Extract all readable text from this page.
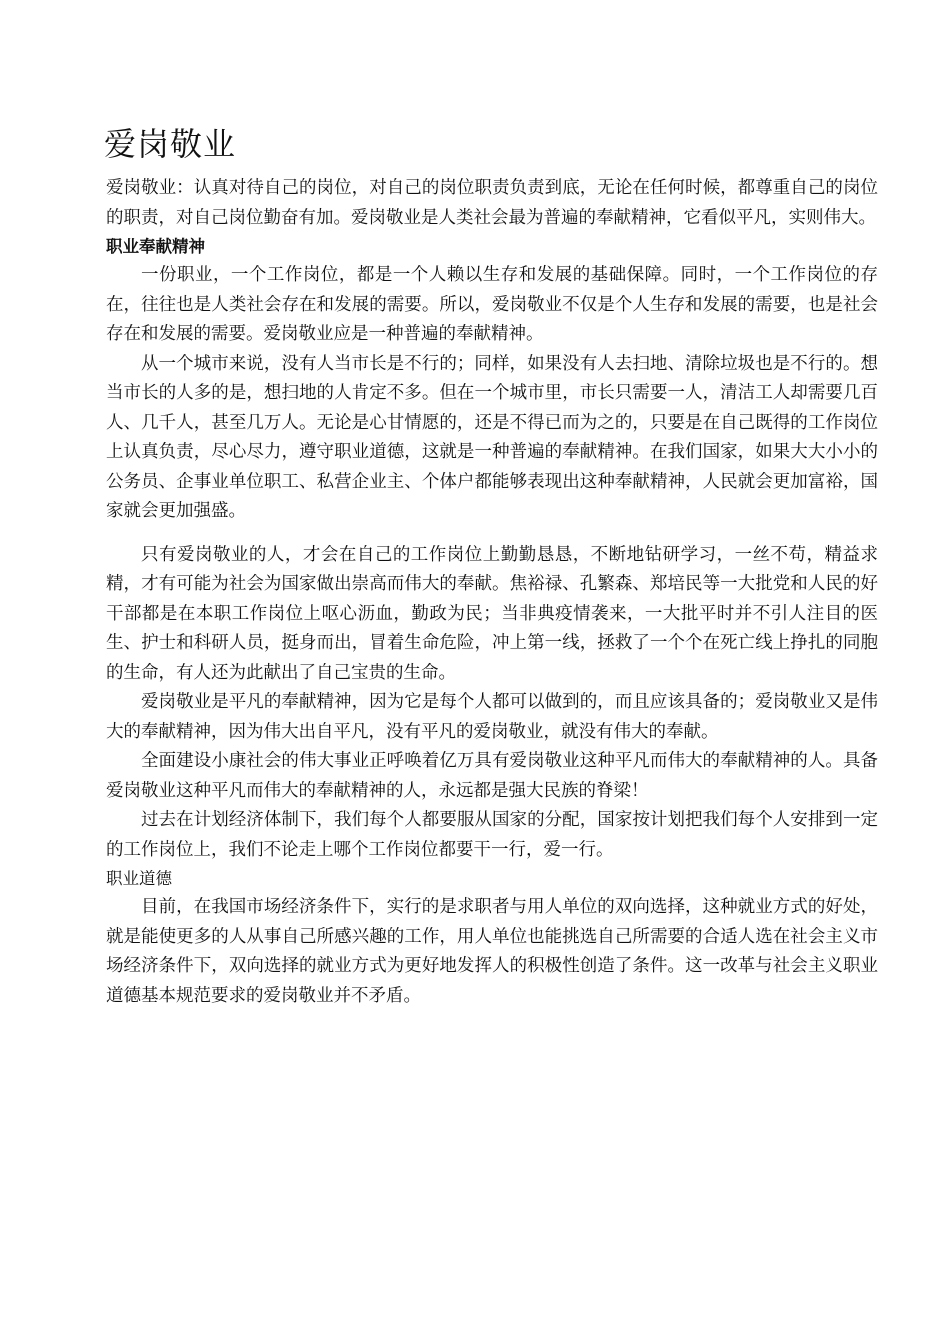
爱岗敬业

爱岗敬业：认真对待自己的岗位，对自己的岗位职责负责到底，无论在任何时候，都尊重自己的岗位的职责，对自己岗位勤奋有加。爱岗敬业是人类社会最为普遍的奉献精神，它看似平凡，实则伟大。

职业奉献精神

一份职业，一个工作岗位，都是一个人赖以生存和发展的基础保障。同时，一个工作岗位的存在，往往也是人类社会存在和发展的需要。所以，爱岗敬业不仅是个人生存和发展的需要，也是社会存在和发展的需要。爱岗敬业应是一种普遍的奉献精神。

从一个城市来说，没有人当市长是不行的；同样，如果没有人去扫地、清除垃圾也是不行的。想当市长的人多的是，想扫地的人肯定不多。但在一个城市里，市长只需要一人，清洁工人却需要几百人、几千人，甚至几万人。无论是心甘情愿的，还是不得已而为之的，只要是在自己既得的工作岗位上认真负责，尽心尽力，遵守职业道德，这就是一种普遍的奉献精神。在我们国家，如果大大小小的公务员、企事业单位职工、私营企业主、个体户都能够表现出这种奉献精神，人民就会更加富裕，国家就会更加强盛。

只有爱岗敬业的人，才会在自己的工作岗位上勤勤恳恳，不断地钻研学习，一丝不苟，精益求精，才有可能为社会为国家做出崇高而伟大的奉献。焦裕禄、孔繁森、郑培民等一大批党和人民的好干部都是在本职工作岗位上呕心沥血，勤政为民；当非典疫情袭来，一大批平时并不引人注目的医生、护士和科研人员，挺身而出，冒着生命危险，冲上第一线，拯救了一个个在死亡线上挣扎的同胞的生命，有人还为此献出了自己宝贵的生命。

爱岗敬业是平凡的奉献精神，因为它是每个人都可以做到的，而且应该具备的；爱岗敬业又是伟大的奉献精神，因为伟大出自平凡，没有平凡的爱岗敬业，就没有伟大的奉献。

全面建设小康社会的伟大事业正呼唤着亿万具有爱岗敬业这种平凡而伟大的奉献精神的人。具备爱岗敬业这种平凡而伟大的奉献精神的人，永远都是强大民族的脊梁！

过去在计划经济体制下，我们每个人都要服从国家的分配，国家按计划把我们每个人安排到一定的工作岗位上，我们不论走上哪个工作岗位都要干一行，爱一行。

职业道德

目前，在我国市场经济条件下，实行的是求职者与用人单位的双向选择，这种就业方式的好处，就是能使更多的人从事自己所感兴趣的工作，用人单位也能挑选自己所需要的合适人选在社会主义市场经济条件下，双向选择的就业方式为更好地发挥人的积极性创造了条件。这一改革与社会主义职业道德基本规范要求的爱岗敬业并不矛盾。
